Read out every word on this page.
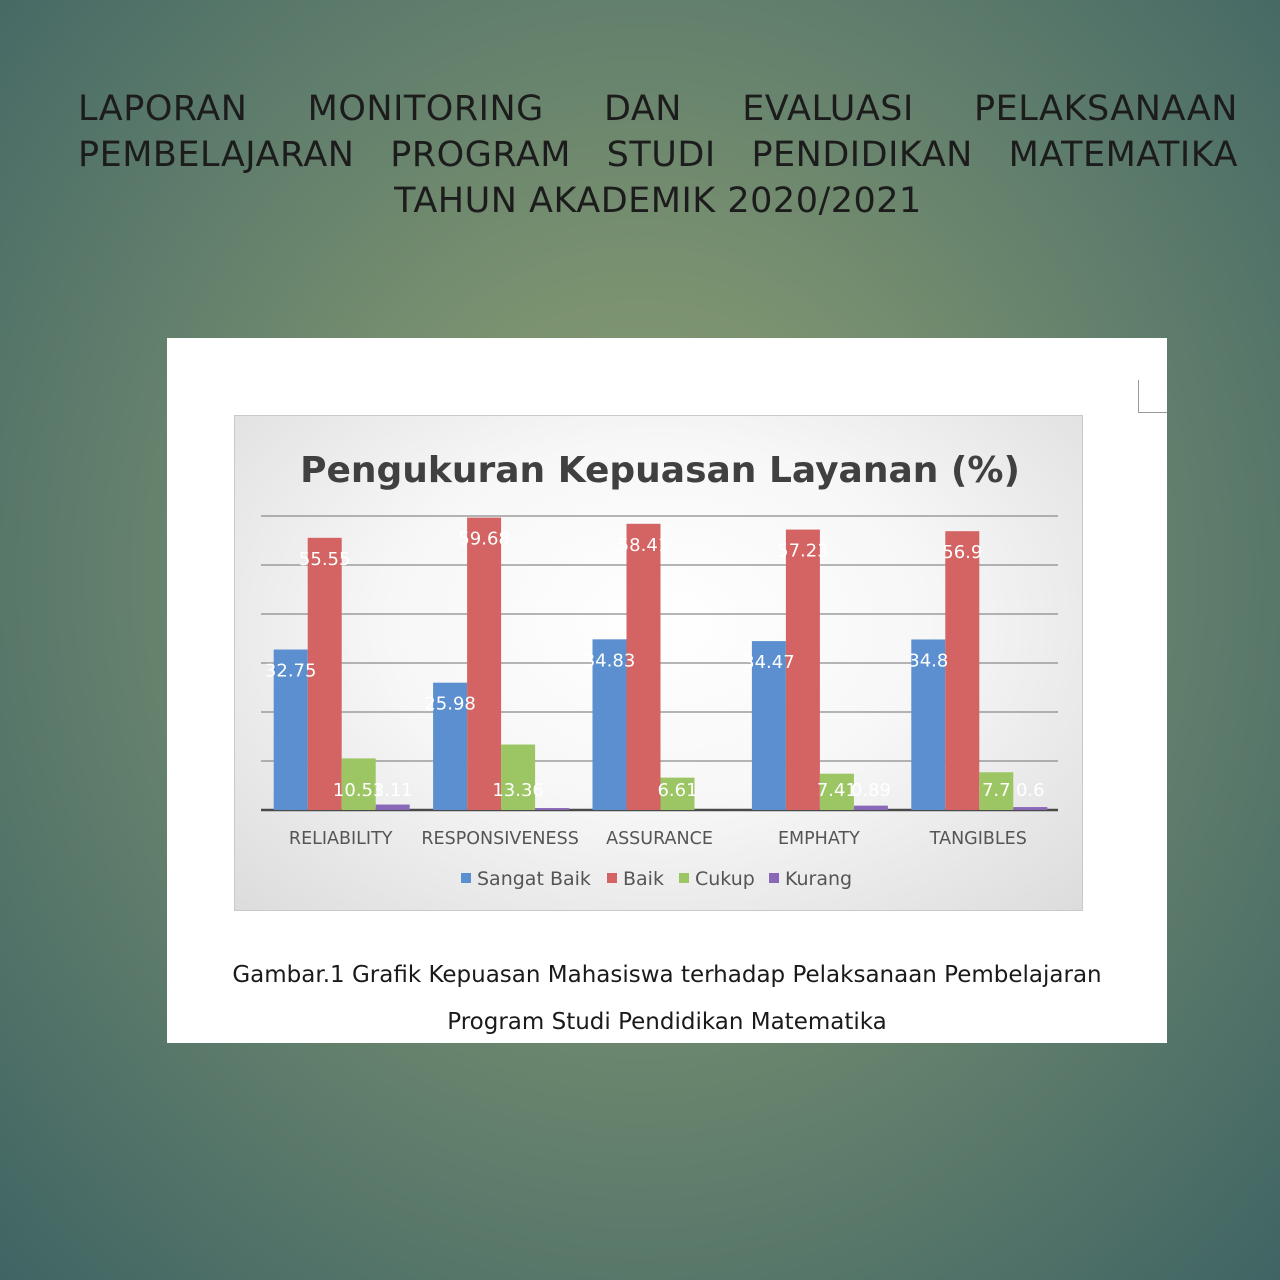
LAPORAN MONITORING DAN EVALUASI PELAKSANAAN
PEMBELAJARAN PROGRAM STUDI PENDIDIKAN MATEMATIKA
TAHUN AKADEMIK 2020/2021
Pengukuran Kepuasan Layanan (%)
32.75
55.55
10.53
1.11
25.98
59.68
13.36
34.83
58.41
6.61
34.47
57.23
7.41
0.89
34.8
56.9
7.7 0.6
RELIABILITY RESPONSIVENESS ASSURANCE	EMPHATY	TANGIBLES
Sangat Baik Baik Cukup Kurang
Gambar.1 Grafik Kepuasan Mahasiswa terhadap Pelaksanaan Pembelajaran
Program Studi Pendidikan Matematika
